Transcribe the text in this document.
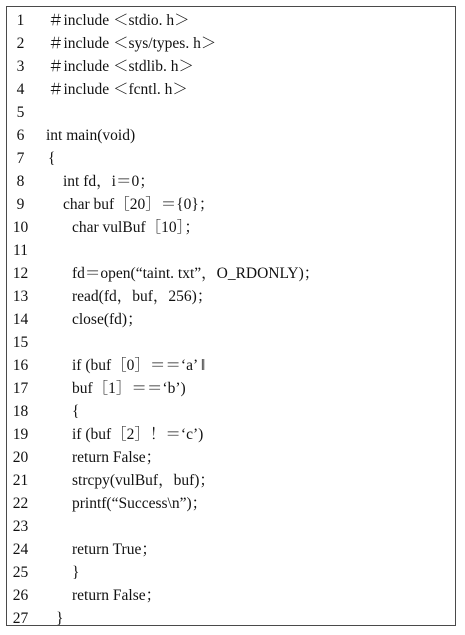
1	＃include ＜stdio. h＞
2	＃include ＜sys/types. h＞
3	＃include ＜stdlib. h＞
4	＃include ＜fcntl. h＞
5
6	int main(void)
7	{
8	int fd，i＝0；
9	char buf［20］＝{0}；
10	char vulBuf［10］；
11
12	fd＝open(“taint. txt”，O_RDONLY)；
13	read(fd，buf，256)；
14	close(fd)；
15
16	if (buf［0］＝＝‘a’ ‖
17	buf［1］＝＝‘b’)
18	{
19	if (buf［2］！＝‘c’)
20	return False；
21	strcpy(vulBuf，buf)；
22	printf(“Success\n”)；
23
24	return True；
25	}
26	return False；
27	}
